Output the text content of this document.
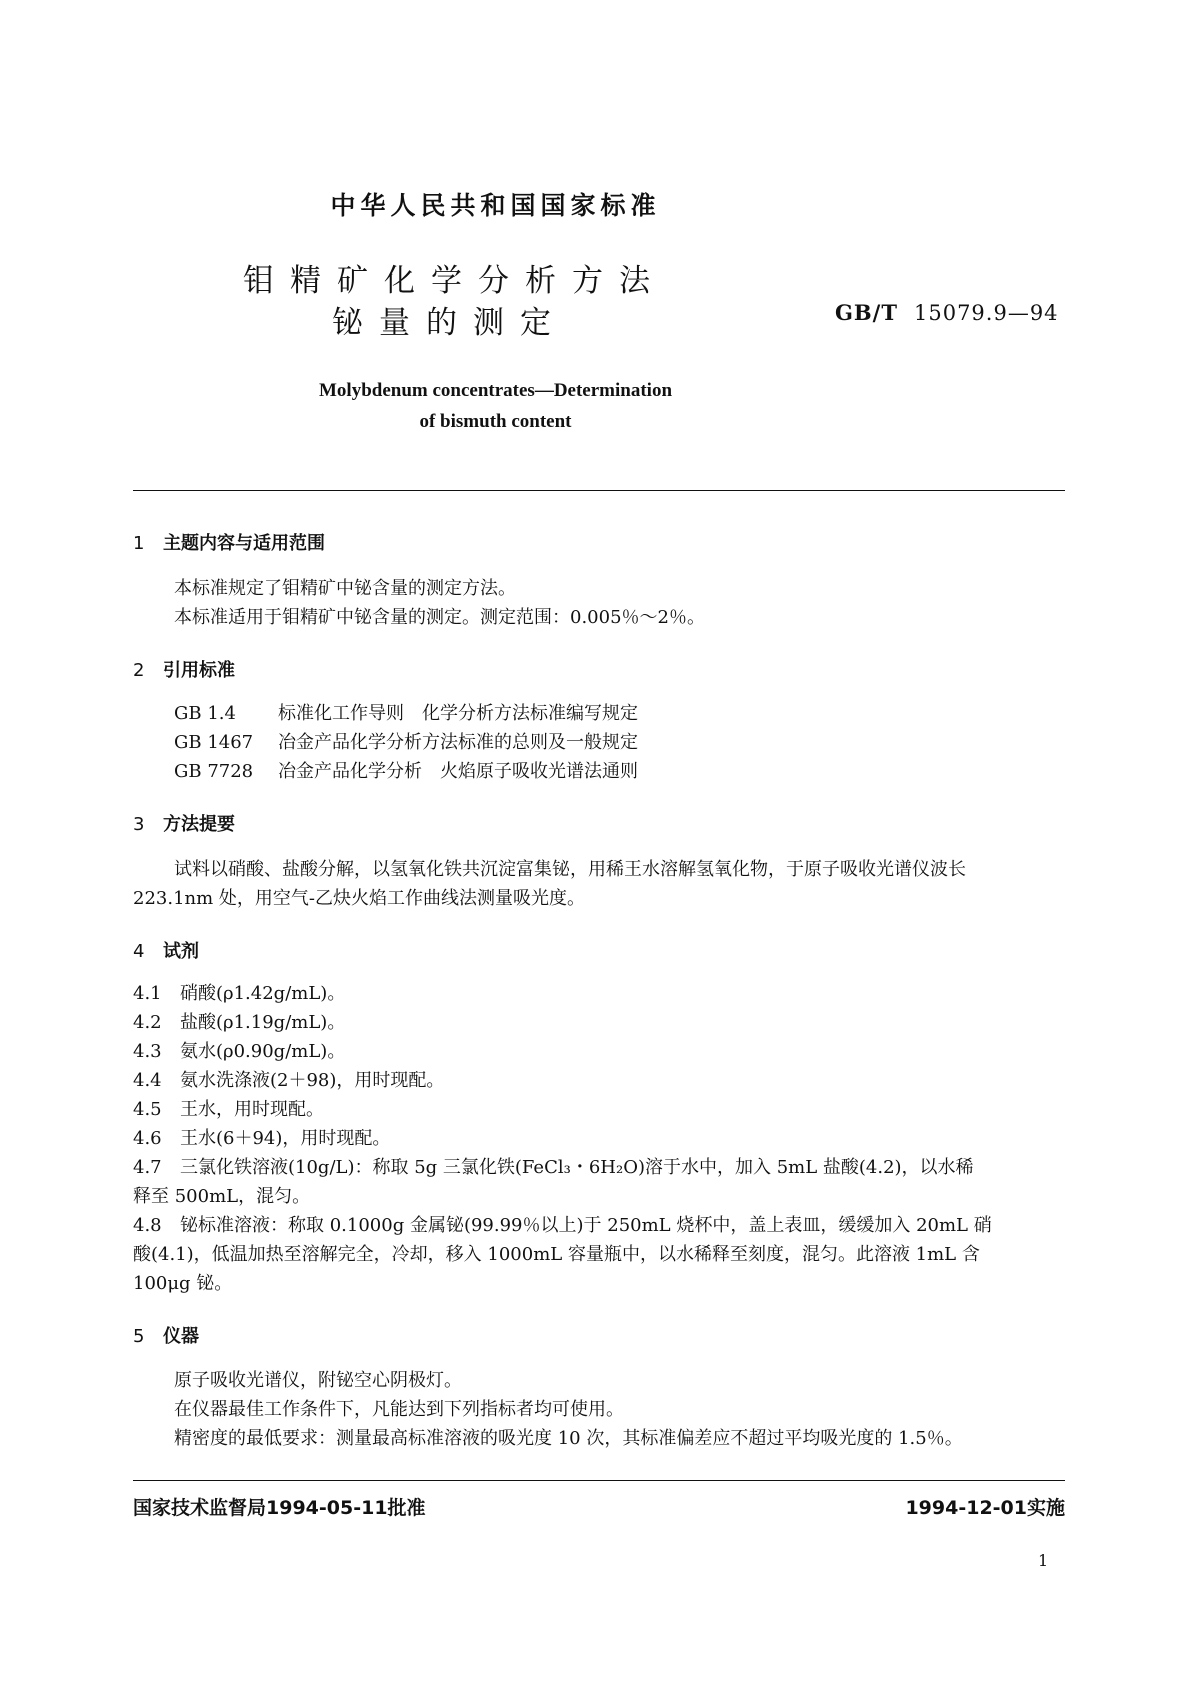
中华人民共和国国家标准
钼精矿化学分析方法
铋量的测定	GB/T 15079.9—94
Molybdenum concentrates—Determination
of bismuth content
1 主题内容与适用范围
本标准规定了钼精矿中铋含量的测定方法。
本标准适用于钼精矿中铋含量的测定。测定范围：0.005％～2％。
2 引用标准
GB 1.4 标准化工作导则　化学分析方法标准编写规定
GB 1467 冶金产品化学分析方法标准的总则及一般规定
GB 7728 冶金产品化学分析　火焰原子吸收光谱法通则
3 方法提要
试料以硝酸、盐酸分解，以氢氧化铁共沉淀富集铋，用稀王水溶解氢氧化物，于原子吸收光谱仪波长
223.1nm 处，用空气-乙炔火焰工作曲线法测量吸光度。
4 试剂
4.1 硝酸(ρ1.42g/mL)。
4.2 盐酸(ρ1.19g/mL)。
4.3 氨水(ρ0.90g/mL)。
4.4 氨水洗涤液(2＋98)，用时现配。
4.5 王水，用时现配。
4.6 王水(6＋94)，用时现配。
4.7 三氯化铁溶液(10g/L)：称取 5g 三氯化铁(FeCl₃・6H₂O)溶于水中，加入 5mL 盐酸(4.2)，以水稀
释至 500mL，混匀。
4.8 铋标准溶液：称取 0.1000g 金属铋(99.99％以上)于 250mL 烧杯中，盖上表皿，缓缓加入 20mL 硝
酸(4.1)，低温加热至溶解完全，冷却，移入 1000mL 容量瓶中，以水稀释至刻度，混匀。此溶液 1mL 含
100μg 铋。
5 仪器
原子吸收光谱仪，附铋空心阴极灯。
在仪器最佳工作条件下，凡能达到下列指标者均可使用。
精密度的最低要求：测量最高标准溶液的吸光度 10 次，其标准偏差应不超过平均吸光度的 1.5％。
国家技术监督局1994-05-11批准	1994-12-01实施
1
